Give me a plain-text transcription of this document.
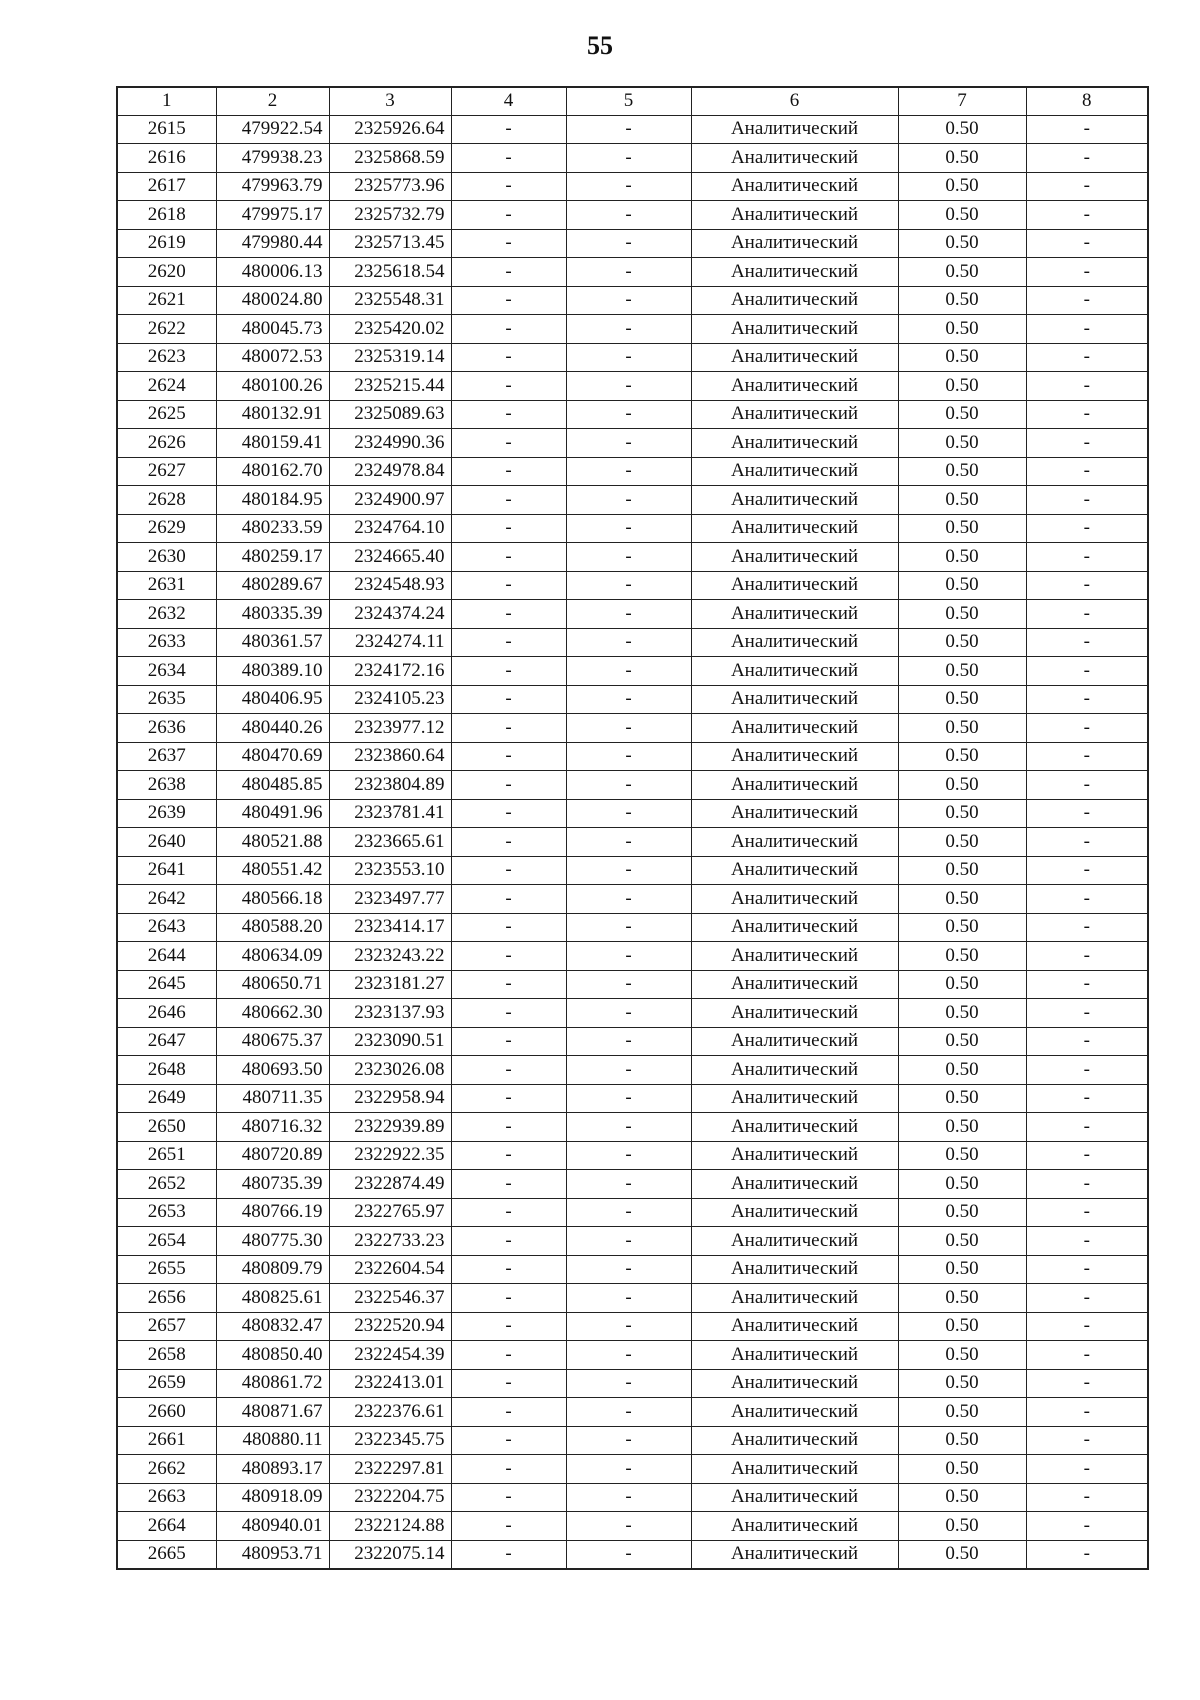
55
1	2	3	4	5	6	7	8
2615	479922.54	2325926.64	-	-	Аналитический	0.50	-
2616	479938.23	2325868.59	-	-	Аналитический	0.50	-
2617	479963.79	2325773.96	-	-	Аналитический	0.50	-
2618	479975.17	2325732.79	-	-	Аналитический	0.50	-
2619	479980.44	2325713.45	-	-	Аналитический	0.50	-
2620	480006.13	2325618.54	-	-	Аналитический	0.50	-
2621	480024.80	2325548.31	-	-	Аналитический	0.50	-
2622	480045.73	2325420.02	-	-	Аналитический	0.50	-
2623	480072.53	2325319.14	-	-	Аналитический	0.50	-
2624	480100.26	2325215.44	-	-	Аналитический	0.50	-
2625	480132.91	2325089.63	-	-	Аналитический	0.50	-
2626	480159.41	2324990.36	-	-	Аналитический	0.50	-
2627	480162.70	2324978.84	-	-	Аналитический	0.50	-
2628	480184.95	2324900.97	-	-	Аналитический	0.50	-
2629	480233.59	2324764.10	-	-	Аналитический	0.50	-
2630	480259.17	2324665.40	-	-	Аналитический	0.50	-
2631	480289.67	2324548.93	-	-	Аналитический	0.50	-
2632	480335.39	2324374.24	-	-	Аналитический	0.50	-
2633	480361.57	2324274.11	-	-	Аналитический	0.50	-
2634	480389.10	2324172.16	-	-	Аналитический	0.50	-
2635	480406.95	2324105.23	-	-	Аналитический	0.50	-
2636	480440.26	2323977.12	-	-	Аналитический	0.50	-
2637	480470.69	2323860.64	-	-	Аналитический	0.50	-
2638	480485.85	2323804.89	-	-	Аналитический	0.50	-
2639	480491.96	2323781.41	-	-	Аналитический	0.50	-
2640	480521.88	2323665.61	-	-	Аналитический	0.50	-
2641	480551.42	2323553.10	-	-	Аналитический	0.50	-
2642	480566.18	2323497.77	-	-	Аналитический	0.50	-
2643	480588.20	2323414.17	-	-	Аналитический	0.50	-
2644	480634.09	2323243.22	-	-	Аналитический	0.50	-
2645	480650.71	2323181.27	-	-	Аналитический	0.50	-
2646	480662.30	2323137.93	-	-	Аналитический	0.50	-
2647	480675.37	2323090.51	-	-	Аналитический	0.50	-
2648	480693.50	2323026.08	-	-	Аналитический	0.50	-
2649	480711.35	2322958.94	-	-	Аналитический	0.50	-
2650	480716.32	2322939.89	-	-	Аналитический	0.50	-
2651	480720.89	2322922.35	-	-	Аналитический	0.50	-
2652	480735.39	2322874.49	-	-	Аналитический	0.50	-
2653	480766.19	2322765.97	-	-	Аналитический	0.50	-
2654	480775.30	2322733.23	-	-	Аналитический	0.50	-
2655	480809.79	2322604.54	-	-	Аналитический	0.50	-
2656	480825.61	2322546.37	-	-	Аналитический	0.50	-
2657	480832.47	2322520.94	-	-	Аналитический	0.50	-
2658	480850.40	2322454.39	-	-	Аналитический	0.50	-
2659	480861.72	2322413.01	-	-	Аналитический	0.50	-
2660	480871.67	2322376.61	-	-	Аналитический	0.50	-
2661	480880.11	2322345.75	-	-	Аналитический	0.50	-
2662	480893.17	2322297.81	-	-	Аналитический	0.50	-
2663	480918.09	2322204.75	-	-	Аналитический	0.50	-
2664	480940.01	2322124.88	-	-	Аналитический	0.50	-
2665	480953.71	2322075.14	-	-	Аналитический	0.50	-
